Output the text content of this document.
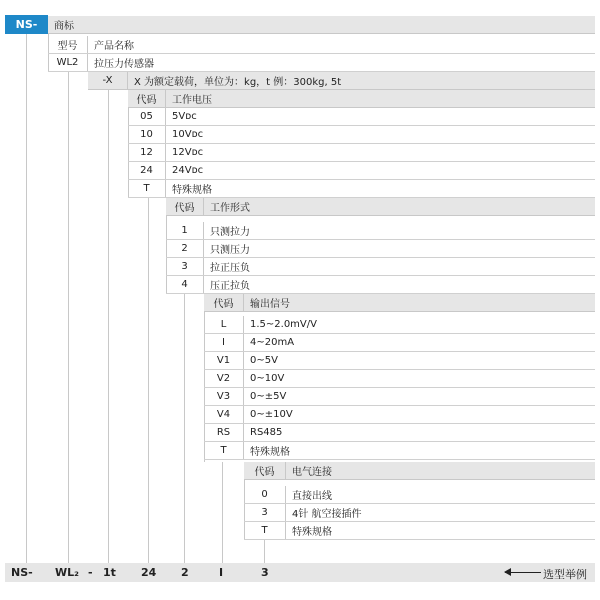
NS-	商标
型号	产品名称
WL2	拉压力传感器
-X	X 为额定载荷，单位为：kg，t 例：300kg, 5t
代码	工作电压
05	5Vᴅᴄ
10	10Vᴅᴄ
12	12Vᴅᴄ
24	24Vᴅᴄ
T	特殊规格
代码	工作形式
1	只测拉力
2	只测压力
3	拉正压负
4	压正拉负
代码	输出信号
L	1.5~2.0mV/V
I	4~20mA
V1	0~5V
V2	0~10V
V3	0~±5V
V4	0~±10V
RS	RS485
T	特殊规格
代码	电气连接
0	直接出线
3	4针 航空接插件
T	特殊规格
NS- WL₂ - 1t 24 2	I	3	选型举例
